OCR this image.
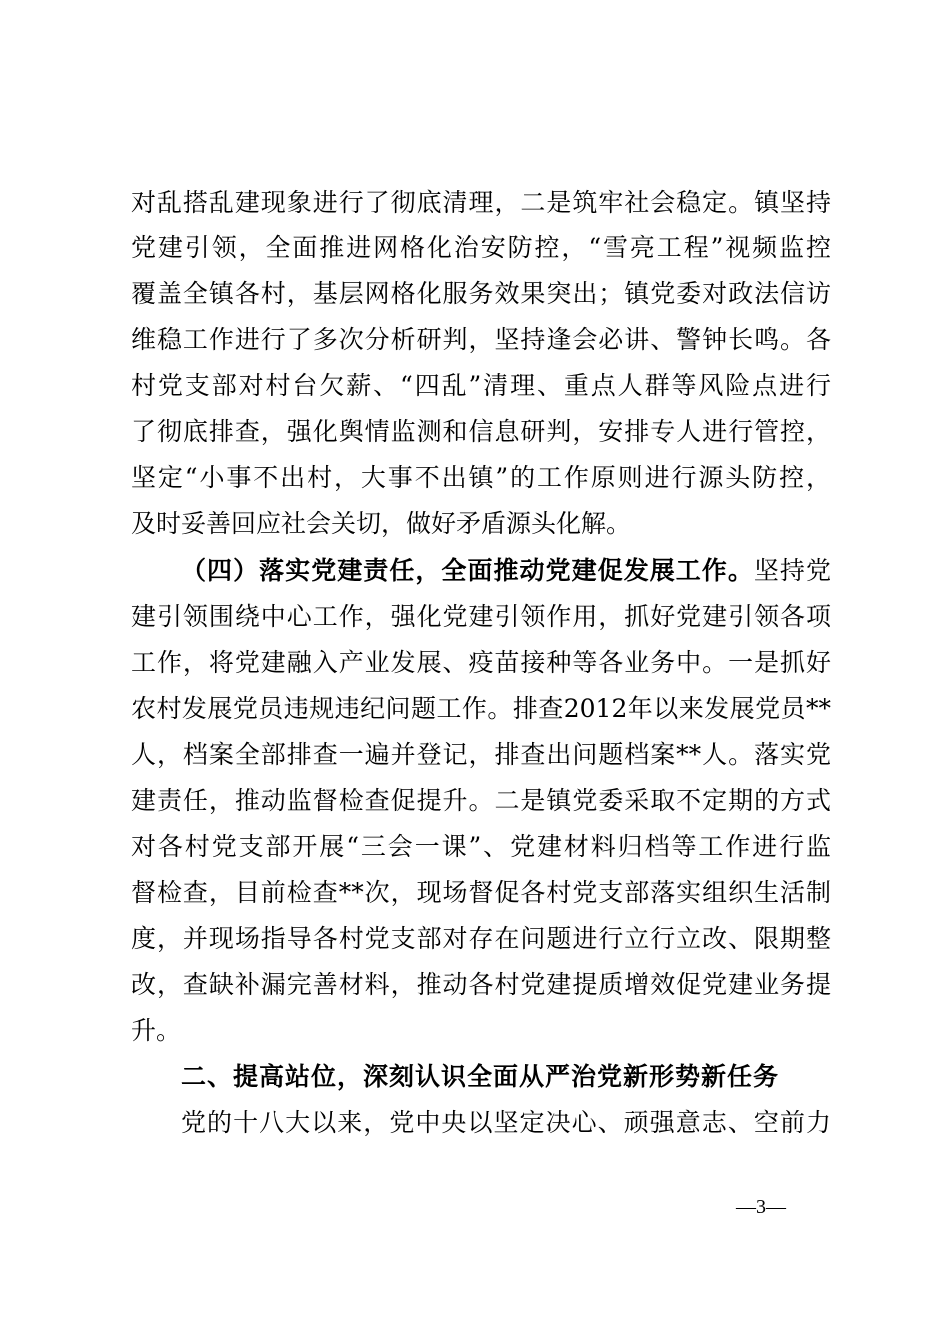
对乱搭乱建现象进行了彻底清理，二是筑牢社会稳定。镇坚持
党建引领，全面推进网格化治安防控，“雪亮工程”视频监控
覆盖全镇各村，基层网格化服务效果突出；镇党委对政法信访
维稳工作进行了多次分析研判，坚持逢会必讲、警钟长鸣。各
村党支部对村台欠薪、“四乱”清理、重点人群等风险点进行
了彻底排查，强化舆情监测和信息研判，安排专人进行管控，
坚定“小事不出村，大事不出镇”的工作原则进行源头防控，
及时妥善回应社会关切，做好矛盾源头化解。
（四）落实党建责任，全面推动党建促发展工作。坚持党
建引领围绕中心工作，强化党建引领作用，抓好党建引领各项
工作，将党建融入产业发展、疫苗接种等各业务中。一是抓好
农村发展党员违规违纪问题工作。排查2012年以来发展党员**
人，档案全部排查一遍并登记，排查出问题档案**人。落实党
建责任，推动监督检查促提升。二是镇党委采取不定期的方式
对各村党支部开展“三会一课”、党建材料归档等工作进行监
督检查，目前检查**次，现场督促各村党支部落实组织生活制
度，并现场指导各村党支部对存在问题进行立行立改、限期整
改，查缺补漏完善材料，推动各村党建提质增效促党建业务提
升。
二、提高站位，深刻认识全面从严治党新形势新任务
党的十八大以来，党中央以坚定决心、顽强意志、空前力
—3—
